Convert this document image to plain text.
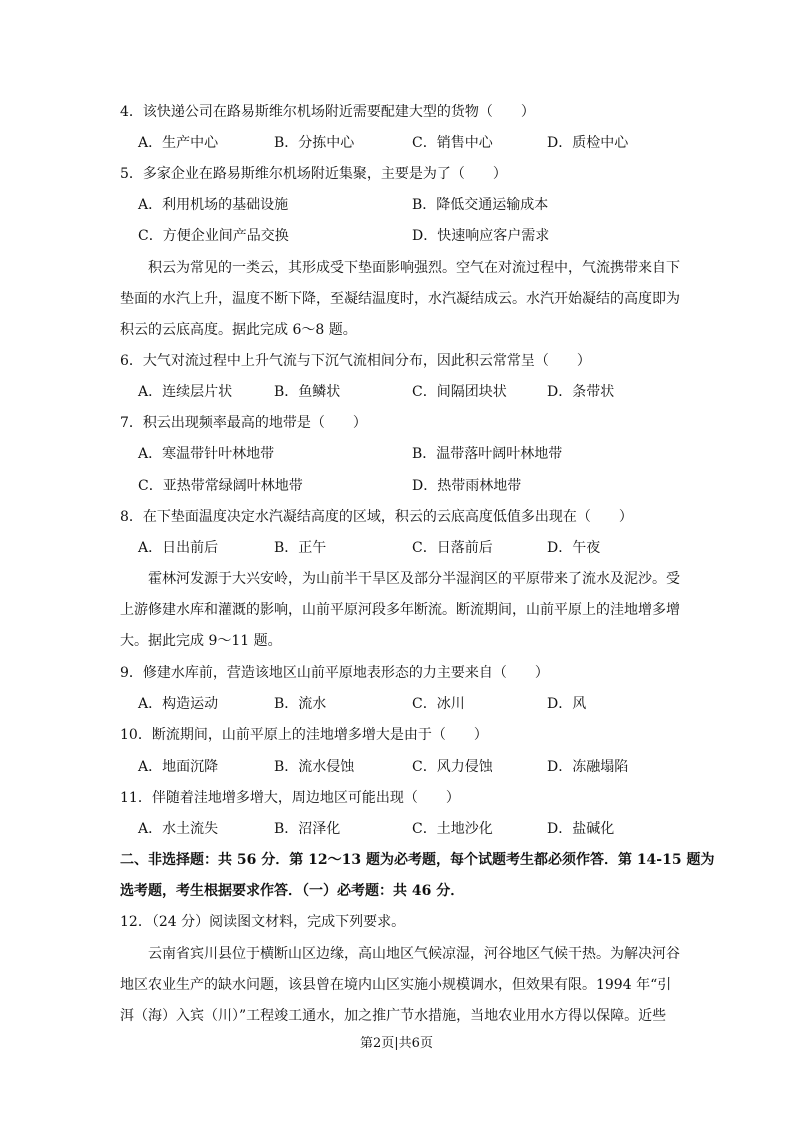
4．该快递公司在路易斯维尔机场附近需要配建大型的货物（　　）
A．生产中心	B．分拣中心	C．销售中心	D．质检中心
5．多家企业在路易斯维尔机场附近集聚，主要是为了（　　）
A．利用机场的基础设施	B．降低交通运输成本
C．方便企业间产品交换	D．快速响应客户需求
积云为常见的一类云，其形成受下垫面影响强烈。空气在对流过程中，气流携带来自下
垫面的水汽上升，温度不断下降，至凝结温度时，水汽凝结成云。水汽开始凝结的高度即为
积云的云底高度。据此完成 6～8 题。
6．大气对流过程中上升气流与下沉气流相间分布，因此积云常常呈（　　）
A．连续层片状	B．鱼鳞状	C．间隔团块状	D．条带状
7．积云出现频率最高的地带是（　　）
A．寒温带针叶林地带	B．温带落叶阔叶林地带
C．亚热带常绿阔叶林地带	D．热带雨林地带
8．在下垫面温度决定水汽凝结高度的区域，积云的云底高度低值多出现在（　　）
A．日出前后	B．正午	C．日落前后	D．午夜
霍林河发源于大兴安岭，为山前半干旱区及部分半湿润区的平原带来了流水及泥沙。受
上游修建水库和灌溉的影响，山前平原河段多年断流。断流期间，山前平原上的洼地增多增
大。据此完成 9～11 题。
9．修建水库前，营造该地区山前平原地表形态的力主要来自（　　）
A．构造运动	B．流水	C．冰川	D．风
10．断流期间，山前平原上的洼地增多增大是由于（　　）
A．地面沉降	B．流水侵蚀	C．风力侵蚀	D．冻融塌陷
11．伴随着洼地增多增大，周边地区可能出现（　　）
A．水土流失	B．沼泽化	C．土地沙化	D．盐碱化
二、非选择题：共 56 分．第 12～13 题为必考题，每个试题考生都必须作答．第 14-15 题为
选考题，考生根据要求作答．（一）必考题：共 46 分．
12．（24 分）阅读图文材料，完成下列要求。
云南省宾川县位于横断山区边缘，高山地区气候凉湿，河谷地区气候干热。为解决河谷
地区农业生产的缺水问题，该县曾在境内山区实施小规模调水，但效果有限。1994 年“引
洱（海）入宾（川）”工程竣工通水，加之推广节水措施，当地农业用水方得以保障。近些
第2页|共6页
